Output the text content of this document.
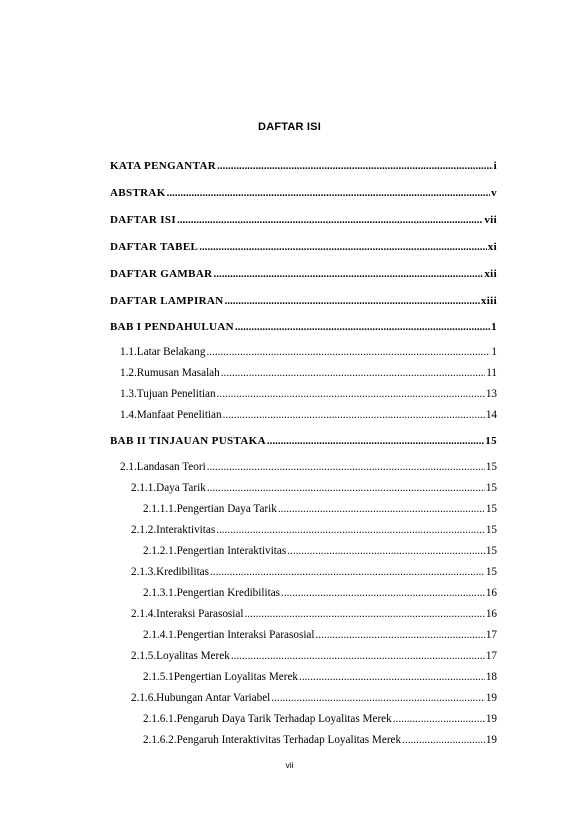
DAFTAR ISI
KATA PENGANTAR .....	i
ABSTRAK .....	v
DAFTAR ISI .....	vii
DAFTAR TABEL .....	xi
DAFTAR GAMBAR .....	xii
DAFTAR LAMPIRAN .....	xiii
BAB I PENDAHULUAN .....	1
1.1. Latar Belakang .....	1
1.2. Rumusan Masalah .....	11
1.3. Tujuan Penelitian .....	13
1.4. Manfaat Penelitian .....	14
BAB II TINJAUAN PUSTAKA .....	15
2.1. Landasan Teori .....	15
2.1.1. Daya Tarik .....	15
2.1.1.1. Pengertian Daya Tarik .....	15
2.1.2. Interaktivitas .....	15
2.1.2.1. Pengertian Interaktivitas .....	15
2.1.3. Kredibilitas .....	15
2.1.3.1. Pengertian Kredibilitas .....	16
2.1.4. Interaksi Parasosial .....	16
2.1.4.1. Pengertian Interaksi Parasosial .....	17
2.1.5. Loyalitas Merek .....	17
2.1.5.1 Pengertian Loyalitas Merek .....	18
2.1.6. Hubungan Antar Variabel .....	19
2.1.6.1. Pengaruh Daya Tarik Terhadap Loyalitas Merek .....	19
2.1.6.2. Pengaruh Interaktivitas Terhadap Loyalitas Merek .....	19
vii
